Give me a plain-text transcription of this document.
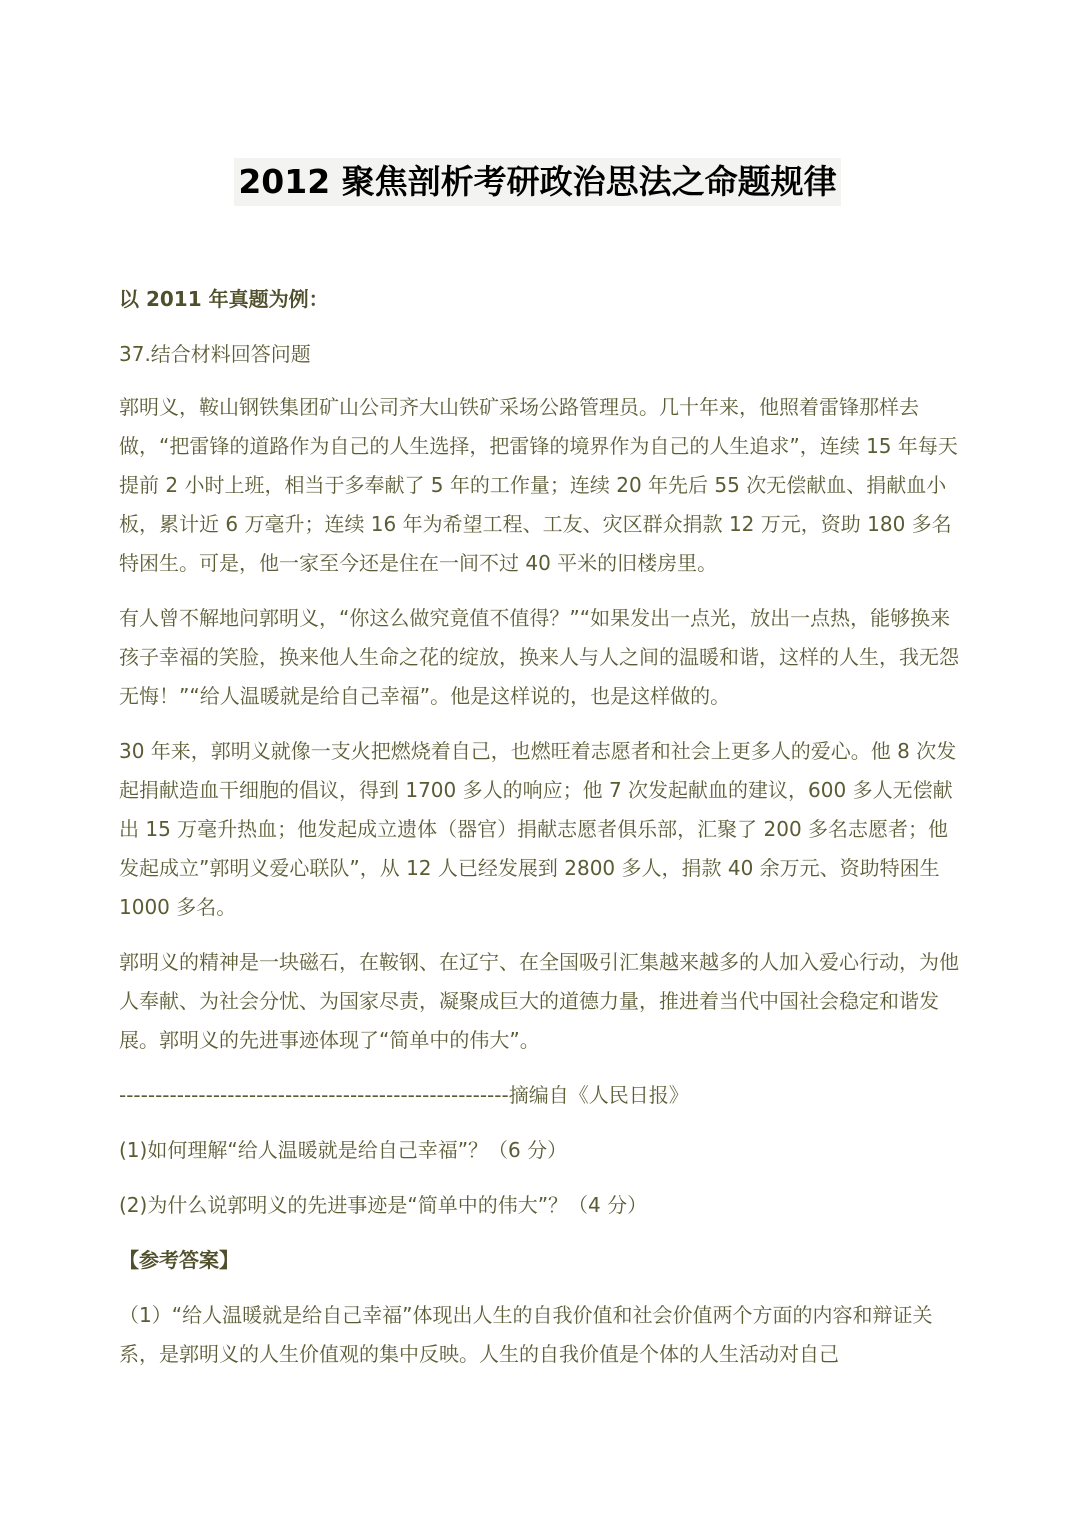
2012 聚焦剖析考研政治思法之命题规律

以 2011 年真题为例：

37.结合材料回答问题

郭明义，鞍山钢铁集团矿山公司齐大山铁矿采场公路管理员。几十年来，他照着雷锋那样去做，“把雷锋的道路作为自己的人生选择，把雷锋的境界作为自己的人生追求”，连续 15 年每天提前 2 小时上班，相当于多奉献了 5 年的工作量；连续 20 年先后 55 次无偿献血、捐献血小板，累计近 6 万毫升；连续 16 年为希望工程、工友、灾区群众捐款 12 万元，资助 180 多名特困生。可是，他一家至今还是住在一间不过 40 平米的旧楼房里。

有人曾不解地问郭明义，“你这么做究竟值不值得？”“如果发出一点光，放出一点热，能够换来孩子幸福的笑脸，换来他人生命之花的绽放，换来人与人之间的温暖和谐，这样的人生，我无怨无悔！”“给人温暖就是给自己幸福”。他是这样说的，也是这样做的。

30 年来，郭明义就像一支火把燃烧着自己，也燃旺着志愿者和社会上更多人的爱心。他 8 次发起捐献造血干细胞的倡议，得到 1700 多人的响应；他 7 次发起献血的建议，600 多人无偿献出 15 万毫升热血；他发起成立遗体（器官）捐献志愿者俱乐部，汇聚了 200 多名志愿者；他发起成立”郭明义爱心联队”，从 12 人已经发展到 2800 多人，捐款 40 余万元、资助特困生 1000 多名。

郭明义的精神是一块磁石，在鞍钢、在辽宁、在全国吸引汇集越来越多的人加入爱心行动，为他人奉献、为社会分忧、为国家尽责，凝聚成巨大的道德力量，推进着当代中国社会稳定和谐发展。郭明义的先进事迹体现了“简单中的伟大”。

------------------------------------------------------摘编自《人民日报》

(1)如何理解“给人温暖就是给自己幸福”？（6 分）

(2)为什么说郭明义的先进事迹是“简单中的伟大”？（4 分）

【参考答案】

（1）“给人温暖就是给自己幸福”体现出人生的自我价值和社会价值两个方面的内容和辩证关系，是郭明义的人生价值观的集中反映。人生的自我价值是个体的人生活动对自己
